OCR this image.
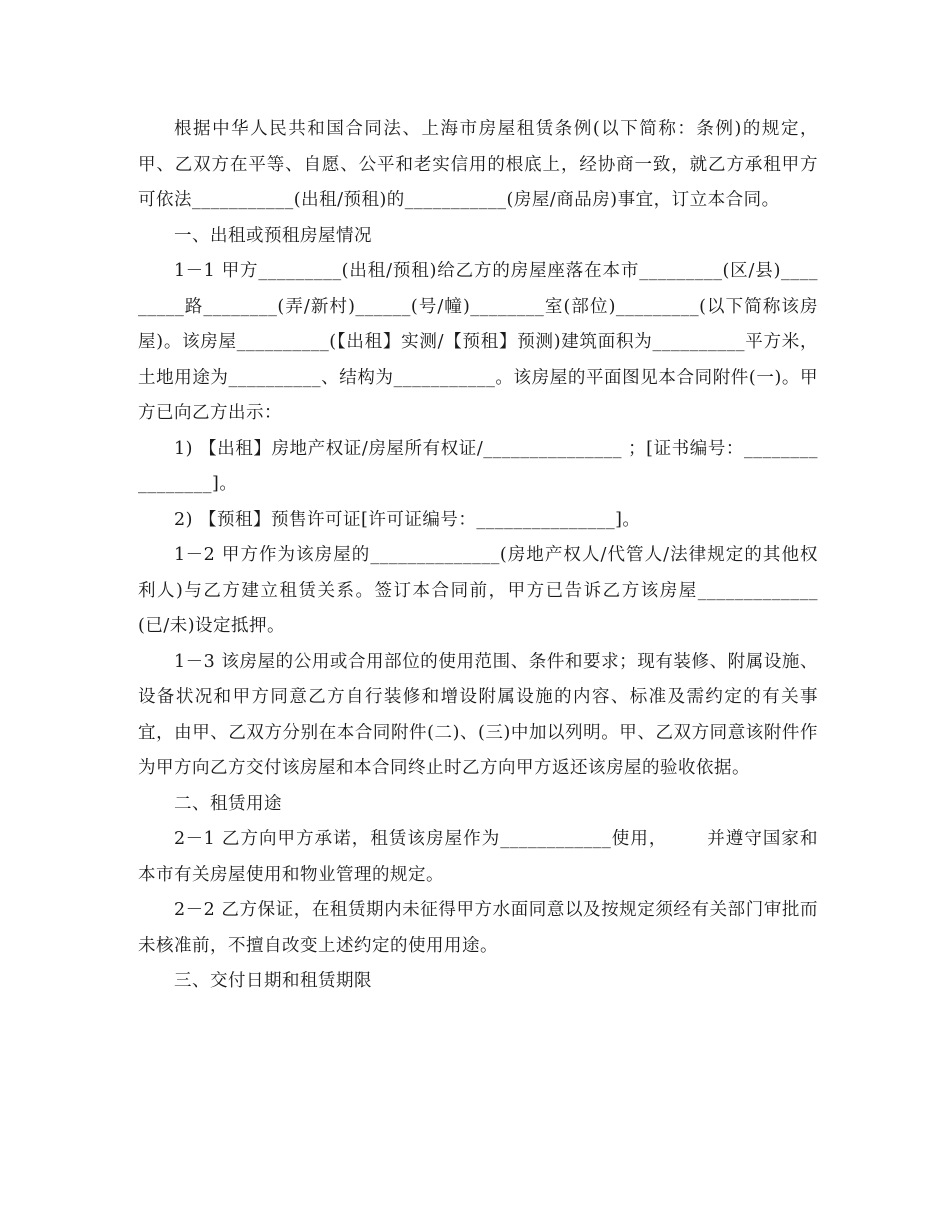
根据中华人民共和国合同法、上海市房屋租赁条例(以下简称：条例)的规定，甲、乙双方在平等、自愿、公平和老实信用的根底上，经协商一致，就乙方承租甲方可依法___________(出租/预租)的___________(房屋/商品房)事宜，订立本合同。

一、出租或预租房屋情况

1－1 甲方_________(出租/预租)给乙方的房屋座落在本市_________(区/县)_________路________(弄/新村)______(号/幢)________室(部位)_________(以下简称该房屋)。该房屋__________(【出租】实测/【预租】预测)建筑面积为__________平方米，土地用途为__________、结构为___________。该房屋的平面图见本合同附件(一)。甲方已向乙方出示：

1) 【出租】房地产权证/房屋所有权证/_______________ ；[证书编号：________________]。

2) 【预租】预售许可证[许可证编号：_______________]。

1－2 甲方作为该房屋的______________(房地产权人/代管人/法律规定的其他权利人)与乙方建立租赁关系。签订本合同前，甲方已告诉乙方该房屋_____________(已/未)设定抵押。

1－3 该房屋的公用或合用部位的使用范围、条件和要求；现有装修、附属设施、设备状况和甲方同意乙方自行装修和增设附属设施的内容、标准及需约定的有关事宜，由甲、乙双方分别在本合同附件(二)、(三)中加以列明。甲、乙双方同意该附件作为甲方向乙方交付该房屋和本合同终止时乙方向甲方返还该房屋的验收依据。

二、租赁用途

2－1 乙方向甲方承诺，租赁该房屋作为____________使用，      并遵守国家和本市有关房屋使用和物业管理的规定。

2－2 乙方保证，在租赁期内未征得甲方水面同意以及按规定须经有关部门审批而未核准前，不擅自改变上述约定的使用用途。

三、交付日期和租赁期限
